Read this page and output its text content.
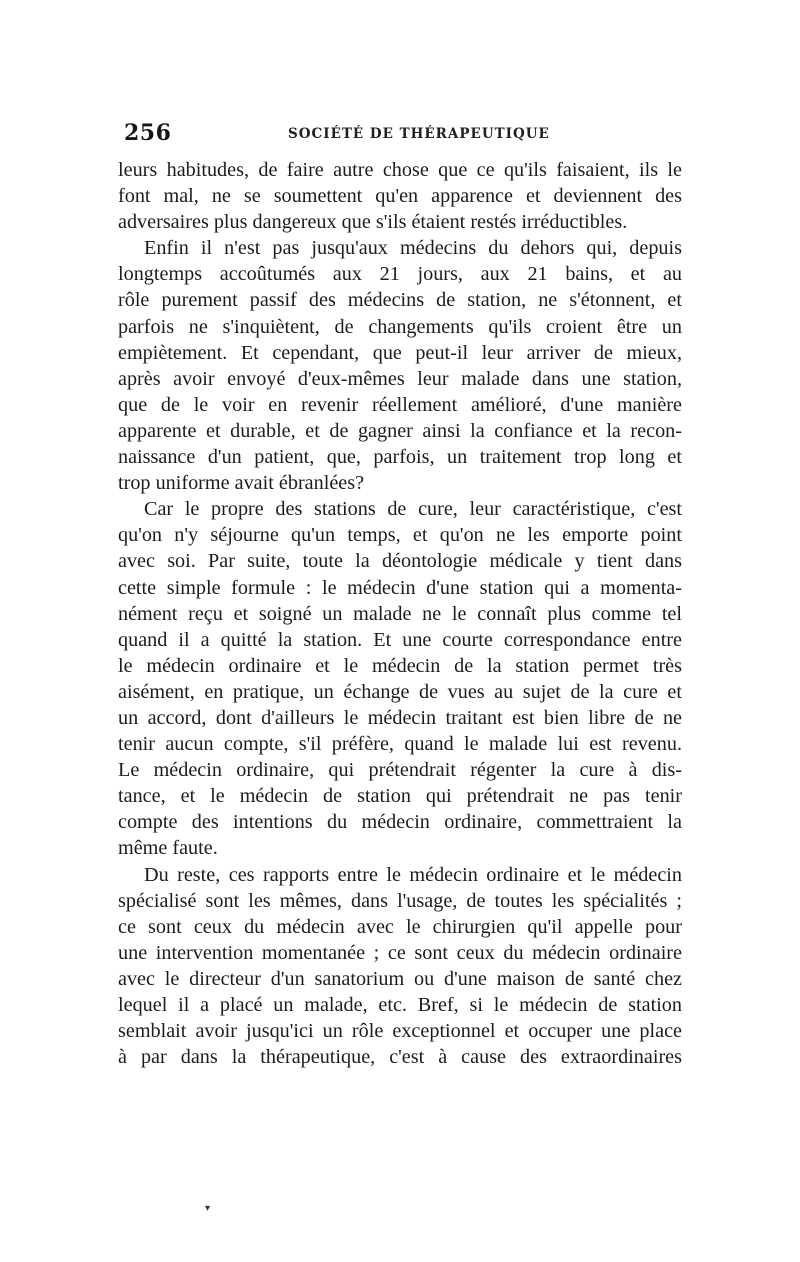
256	SOCIÉTÉ DE THÉRAPEUTIQUE
leurs habitudes, de faire autre chose que ce qu'ils faisaient, ils le
font mal, ne se soumettent qu'en apparence et deviennent des
adversaires plus dangereux que s'ils étaient restés irréductibles.
Enfin il n'est pas jusqu'aux médecins du dehors qui, depuis
longtemps accoûtumés aux 21 jours, aux 21 bains, et au
rôle purement passif des médecins de station, ne s'étonnent, et
parfois ne s'inquiètent, de changements qu'ils croient être un
empiètement. Et cependant, que peut-il leur arriver de mieux,
après avoir envoyé d'eux-mêmes leur malade dans une station,
que de le voir en revenir réellement amélioré, d'une manière
apparente et durable, et de gagner ainsi la confiance et la recon-
naissance d'un patient, que, parfois, un traitement trop long et
trop uniforme avait ébranlées?
Car le propre des stations de cure, leur caractéristique, c'est
qu'on n'y séjourne qu'un temps, et qu'on ne les emporte point
avec soi. Par suite, toute la déontologie médicale y tient dans
cette simple formule : le médecin d'une station qui a momenta-
nément reçu et soigné un malade ne le connaît plus comme tel
quand il a quitté la station. Et une courte correspondance entre
le médecin ordinaire et le médecin de la station permet très
aisément, en pratique, un échange de vues au sujet de la cure et
un accord, dont d'ailleurs le médecin traitant est bien libre de ne
tenir aucun compte, s'il préfère, quand le malade lui est revenu.
Le médecin ordinaire, qui prétendrait régenter la cure à dis-
tance, et le médecin de station qui prétendrait ne pas tenir
compte des intentions du médecin ordinaire, commettraient la
même faute.
Du reste, ces rapports entre le médecin ordinaire et le médecin
spécialisé sont les mêmes, dans l'usage, de toutes les spécialités ;
ce sont ceux du médecin avec le chirurgien qu'il appelle pour
une intervention momentanée ; ce sont ceux du médecin ordinaire
avec le directeur d'un sanatorium ou d'une maison de santé chez
lequel il a placé un malade, etc. Bref, si le médecin de station
semblait avoir jusqu'ici un rôle exceptionnel et occuper une place
à par dans la thérapeutique, c'est à cause des extraordinaires
▾
